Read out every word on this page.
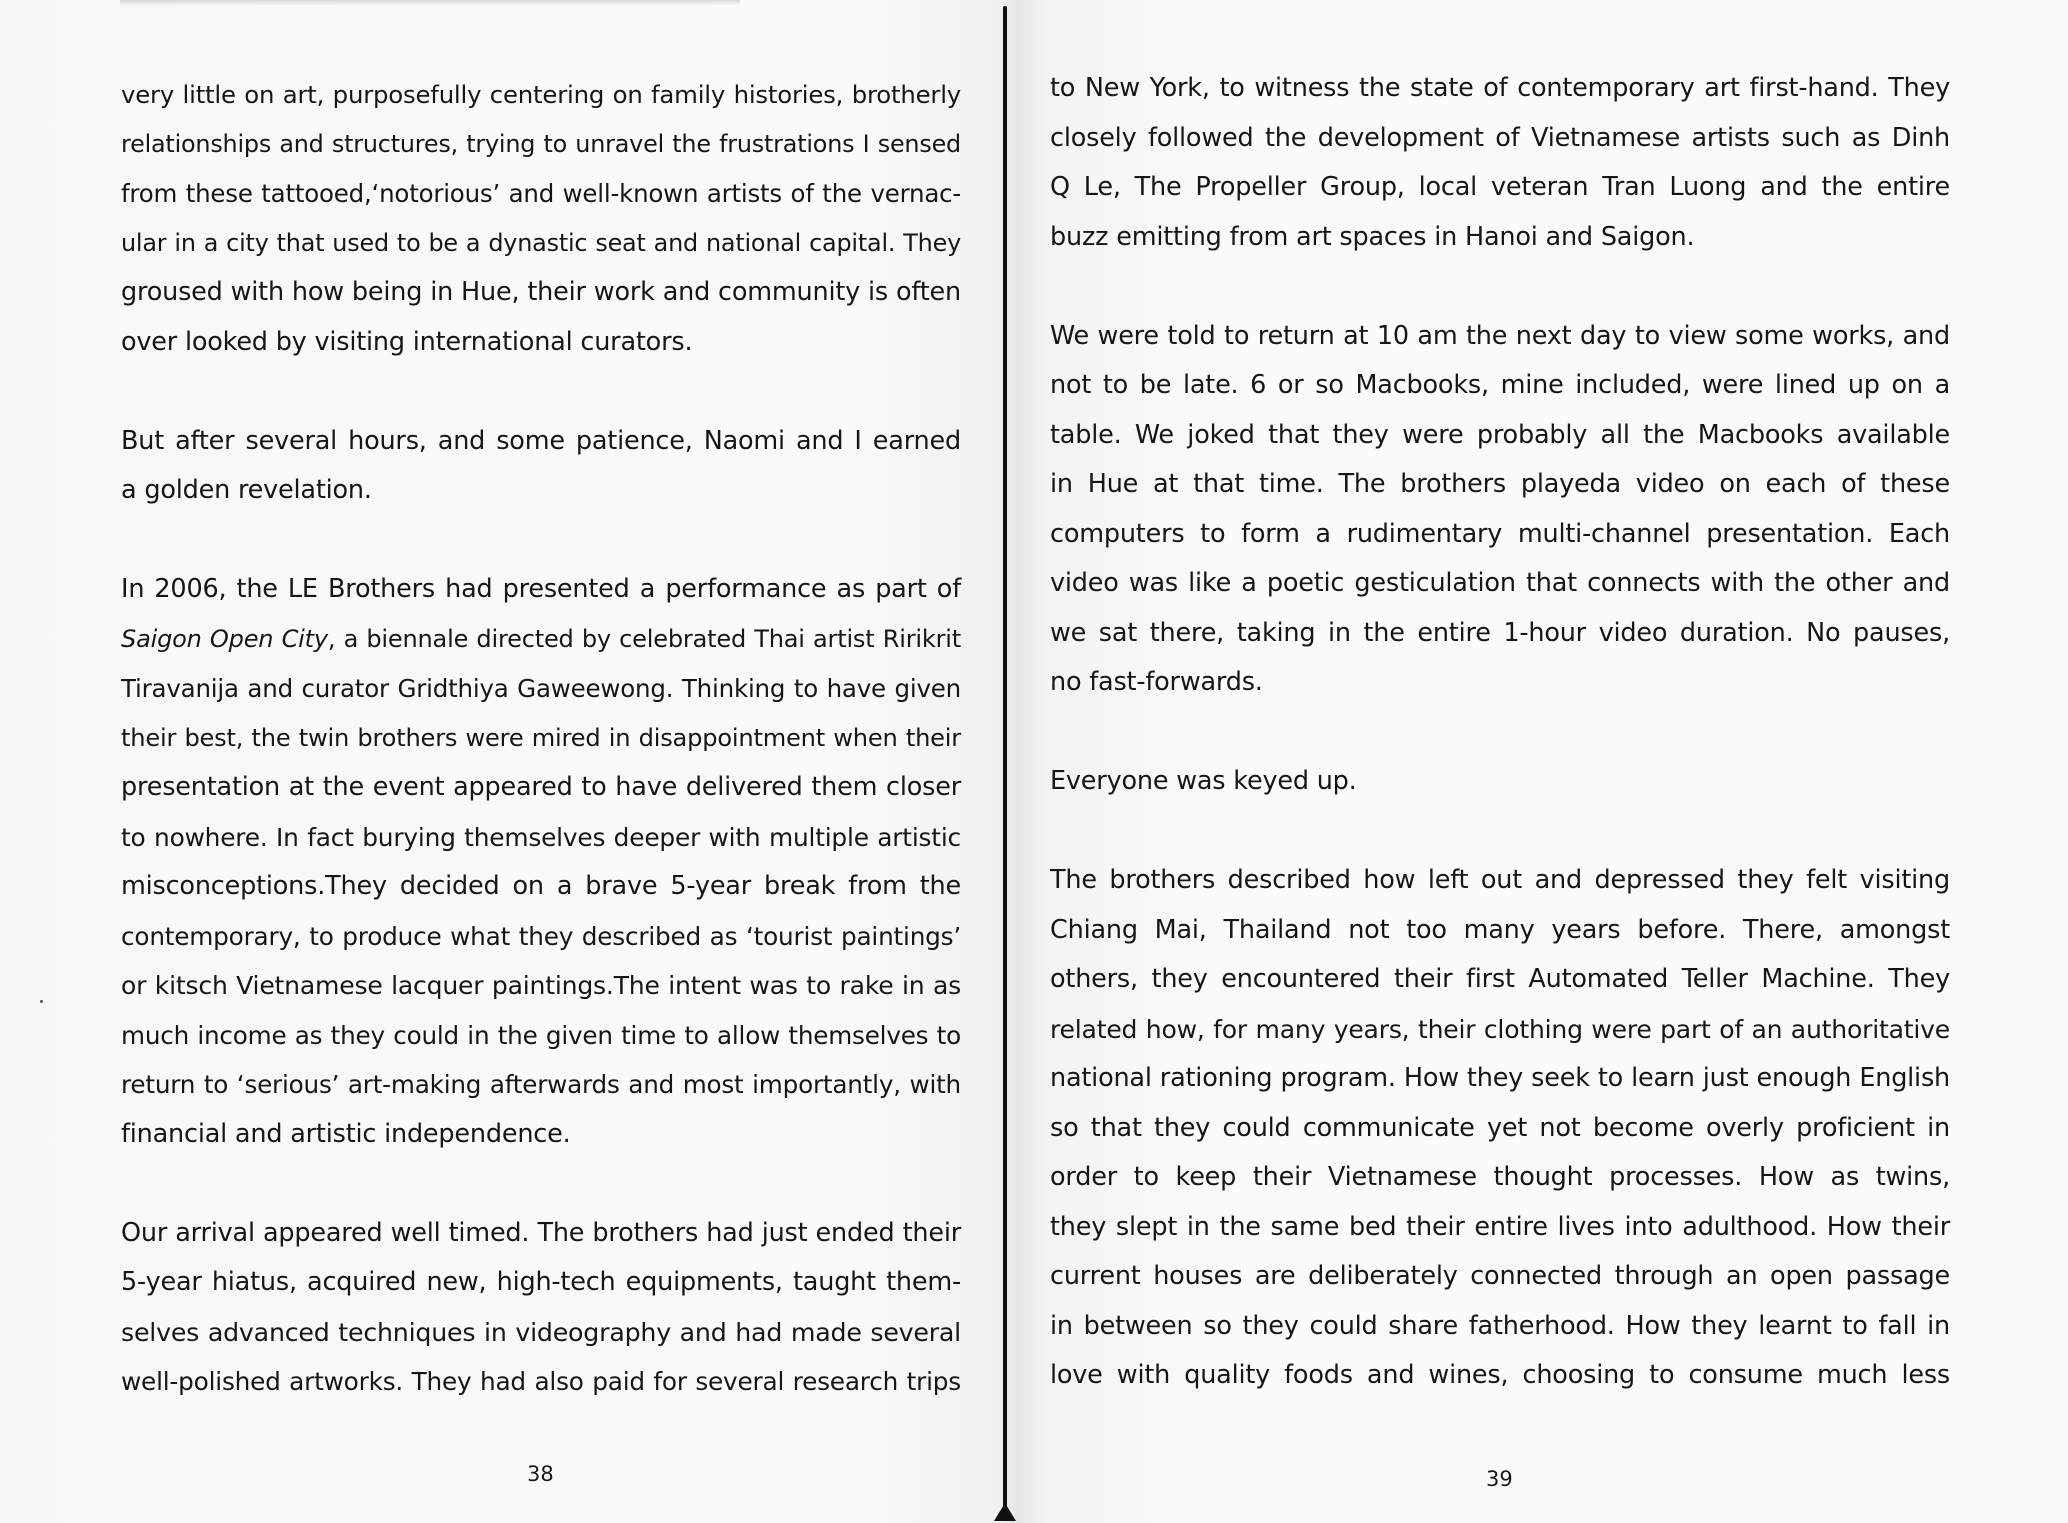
very little on art, purposefully centering on family histories, brotherly
relationships and structures, trying to unravel the frustrations I sensed
from these tattooed,‘notorious’ and well-known artists of the vernac-
ular in a city that used to be a dynastic seat and national capital. They
groused with how being in Hue, their work and community is often
over looked by visiting international curators.

But after several hours, and some patience, Naomi and I earned
a golden revelation.

In 2006, the LE Brothers had presented a performance as part of
Saigon Open City, a biennale directed by celebrated Thai artist Ririkrit
Tiravanija and curator Gridthiya Gaweewong. Thinking to have given
their best, the twin brothers were mired in disappointment when their
presentation at the event appeared to have delivered them closer
to nowhere. In fact burying themselves deeper with multiple artistic
misconceptions.They decided on a brave 5-year break from the
contemporary, to produce what they described as ‘tourist paintings’
or kitsch Vietnamese lacquer paintings.The intent was to rake in as
much income as they could in the given time to allow themselves to
return to ‘serious’ art-making afterwards and most importantly, with
financial and artistic independence.

Our arrival appeared well timed. The brothers had just ended their
5-year hiatus, acquired new, high-tech equipments, taught them-
selves advanced techniques in videography and had made several
well-polished artworks. They had also paid for several research trips

38

to New York, to witness the state of contemporary art first-hand. They
closely followed the development of Vietnamese artists such as Dinh
Q Le, The Propeller Group, local veteran Tran Luong and the entire
buzz emitting from art spaces in Hanoi and Saigon.

We were told to return at 10 am the next day to view some works, and
not to be late. 6 or so Macbooks, mine included, were lined up on a
table. We joked that they were probably all the Macbooks available
in Hue at that time. The brothers playeda video on each of these
computers to form a rudimentary multi-channel presentation. Each
video was like a poetic gesticulation that connects with the other and
we sat there, taking in the entire 1-hour video duration. No pauses,
no fast-forwards.

Everyone was keyed up.

The brothers described how left out and depressed they felt visiting
Chiang Mai, Thailand not too many years before. There, amongst
others, they encountered their first Automated Teller Machine. They
related how, for many years, their clothing were part of an authoritative
national rationing program. How they seek to learn just enough English
so that they could communicate yet not become overly proficient in
order to keep their Vietnamese thought processes. How as twins,
they slept in the same bed their entire lives into adulthood. How their
current houses are deliberately connected through an open passage
in between so they could share fatherhood. How they learnt to fall in
love with quality foods and wines, choosing to consume much less

39
